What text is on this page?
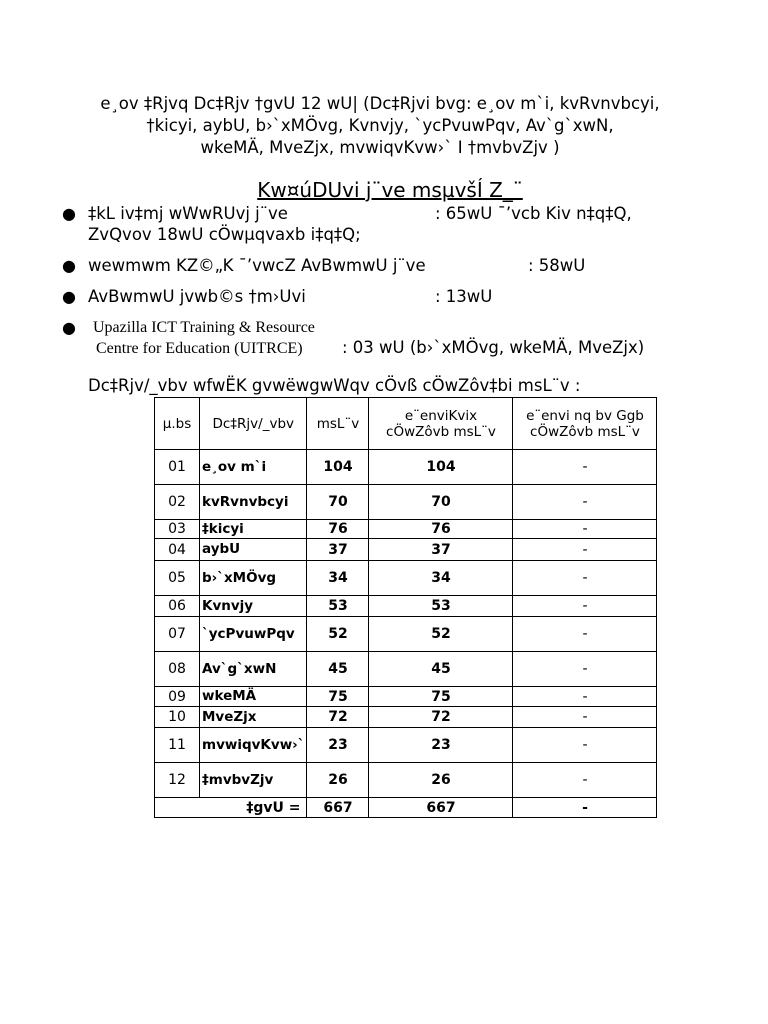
e¸ov ‡Rjvq Dc‡Rjv †gvU 12 wU| (Dc‡Rjvi bvg: e¸ov m`i, kvRvnvbcyi,
†kicyi, aybU, b›`xMÖvg, Kvnvjy, `ycPvuwPqv, Av`g`xwN,
wkeMÄ, MveZjx, mvwiqvKvw›` I †mvbvZjv )
Kw¤úDUvi j¨ve msµvšÍ Z_¨
● ‡kL iv‡mj wWwRUvj j¨ve	: 65wU ¯’vcb Kiv n‡q‡Q,
ZvQvov 18wU cÖwµqvaxb i‡q‡Q;
● wewmwm KZ©„K ¯’vwcZ AvBwmwU j¨ve	: 58wU
● AvBwmwU jvwb©s †m›Uvi	: 13wU
● Upazilla ICT Training & Resource
Centre for Education (UITRCE) : 03 wU (b›`xMÖvg, wkeMÄ, MveZjx)
Dc‡Rjv/_vbv wfwËK gvwëwgwWqv cÖvß cÖwZôv‡bi msL¨v :
µ.bs	Dc‡Rjv/_vbv	msL¨v	e¨enviKvix cÖwZôvb msL¨v	e¨envi nq bv Ggb cÖwZôvb msL¨v
01	e¸ov m`i	104	104	-
02	kvRvnvbcyi	70	70	-
03	‡kicyi	76	76	-
04	aybU	37	37	-
05	b›`xMÖvg	34	34	-
06	Kvnvjy	53	53	-
07	`ycPvuwPqv	52	52	-
08	Av`g`xwN	45	45	-
09	wkeMÄ	75	75	-
10	MveZjx	72	72	-
11	mvwiqvKvw›`	23	23	-
12	‡mvbvZjv	26	26	-
‡gvU =		667	667	-
